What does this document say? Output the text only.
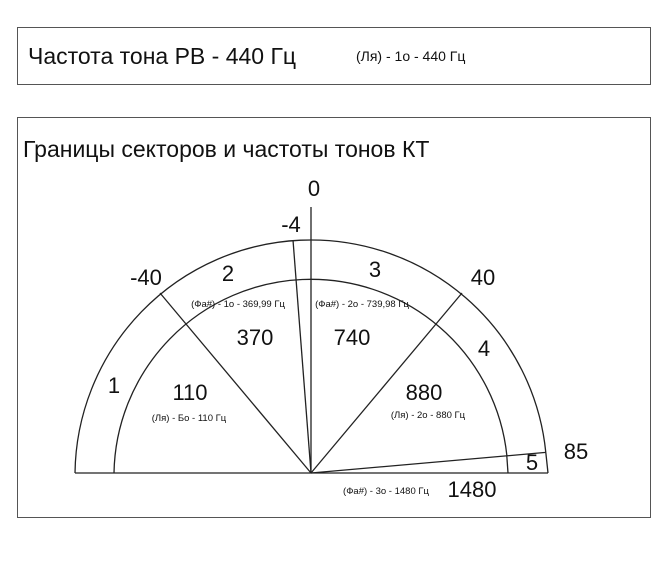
Частота тона РВ - 440 Гц	(Ля) - 1о - 440 Гц
Границы секторов и частоты тонов КТ
0
-4
-40	40
85
1
2	3
4
5
110
370	740
880
1480
(Ля) - Бо - 110 Гц
(Фа#) - 1о - 369,99 Гц	(Фа#) - 2о - 739,98 Гц
(Ля) - 2о - 880 Гц
(Фа#) - 3о - 1480 Гц
